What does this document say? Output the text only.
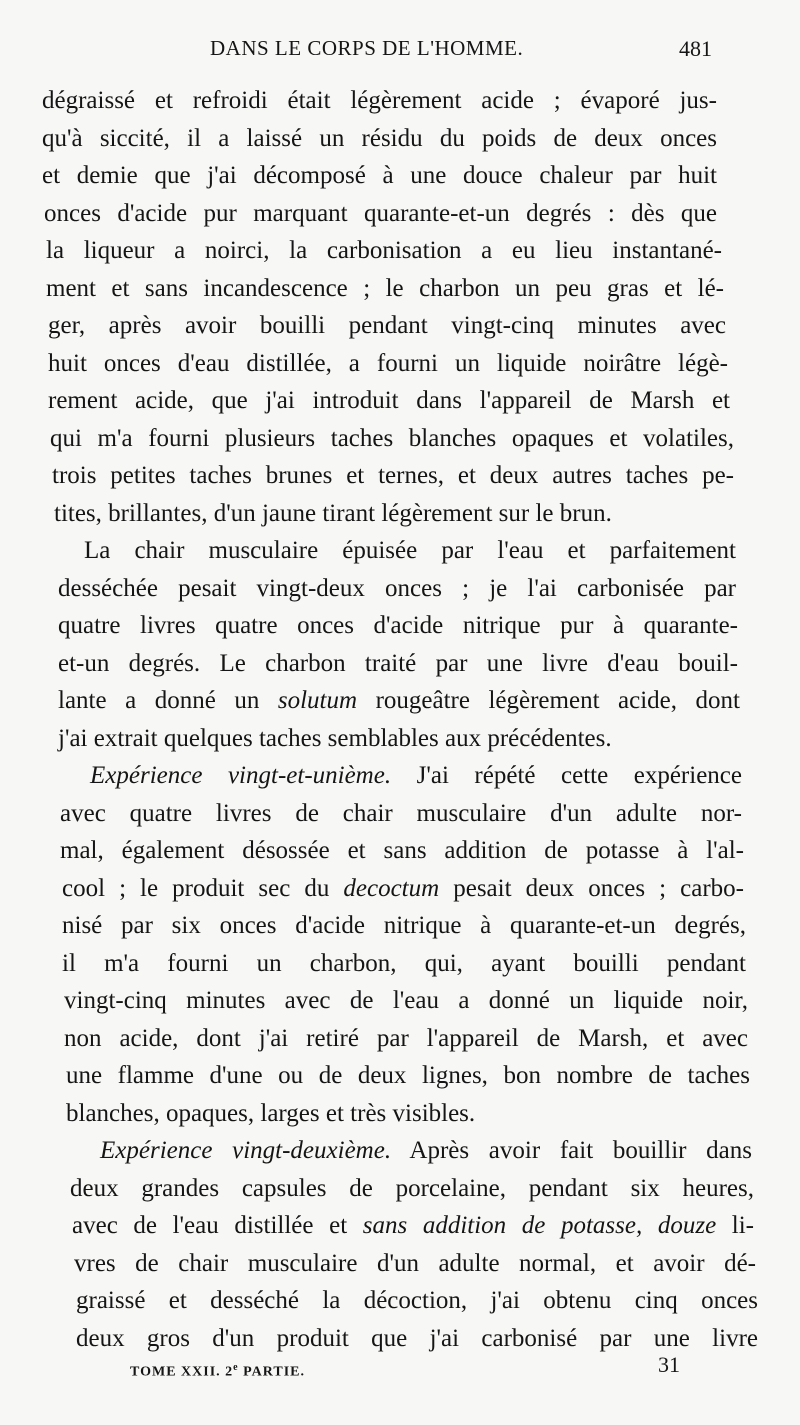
DANS LE CORPS DE L'HOMME.	481
dégraissé et refroidi était légèrement acide ; évaporé jus-
qu'à siccité, il a laissé un résidu du poids de deux onces
et demie que j'ai décomposé à une douce chaleur par huit
onces d'acide pur marquant quarante-et-un degrés : dès que
la liqueur a noirci, la carbonisation a eu lieu instantané-
ment et sans incandescence ; le charbon un peu gras et lé-
ger, après avoir bouilli pendant vingt-cinq minutes avec
huit onces d'eau distillée, a fourni un liquide noirâtre légè-
rement acide, que j'ai introduit dans l'appareil de Marsh et
qui m'a fourni plusieurs taches blanches opaques et volatiles,
trois petites taches brunes et ternes, et deux autres taches pe-
tites, brillantes, d'un jaune tirant légèrement sur le brun.
La chair musculaire épuisée par l'eau et parfaitement
desséchée pesait vingt-deux onces ; je l'ai carbonisée par
quatre livres quatre onces d'acide nitrique pur à quarante-
et-un degrés. Le charbon traité par une livre d'eau bouil-
lante a donné un solutum rougeâtre légèrement acide, dont
j'ai extrait quelques taches semblables aux précédentes.
Expérience vingt-et-unième. J'ai répété cette expérience
avec quatre livres de chair musculaire d'un adulte nor-
mal, également désossée et sans addition de potasse à l'al-
cool ; le produit sec du decoctum pesait deux onces ; carbo-
nisé par six onces d'acide nitrique à quarante-et-un degrés,
il m'a fourni un charbon, qui, ayant bouilli pendant
vingt-cinq minutes avec de l'eau a donné un liquide noir,
non acide, dont j'ai retiré par l'appareil de Marsh, et avec
une flamme d'une ou de deux lignes, bon nombre de taches
blanches, opaques, larges et très visibles.
Expérience vingt-deuxième. Après avoir fait bouillir dans
deux grandes capsules de porcelaine, pendant six heures,
avec de l'eau distillée et sans addition de potasse, douze li-
vres de chair musculaire d'un adulte normal, et avoir dé-
graissé et desséché la décoction, j'ai obtenu cinq onces
deux gros d'un produit que j'ai carbonisé par une livre
TOME XXII. 2e PARTIE.	31
